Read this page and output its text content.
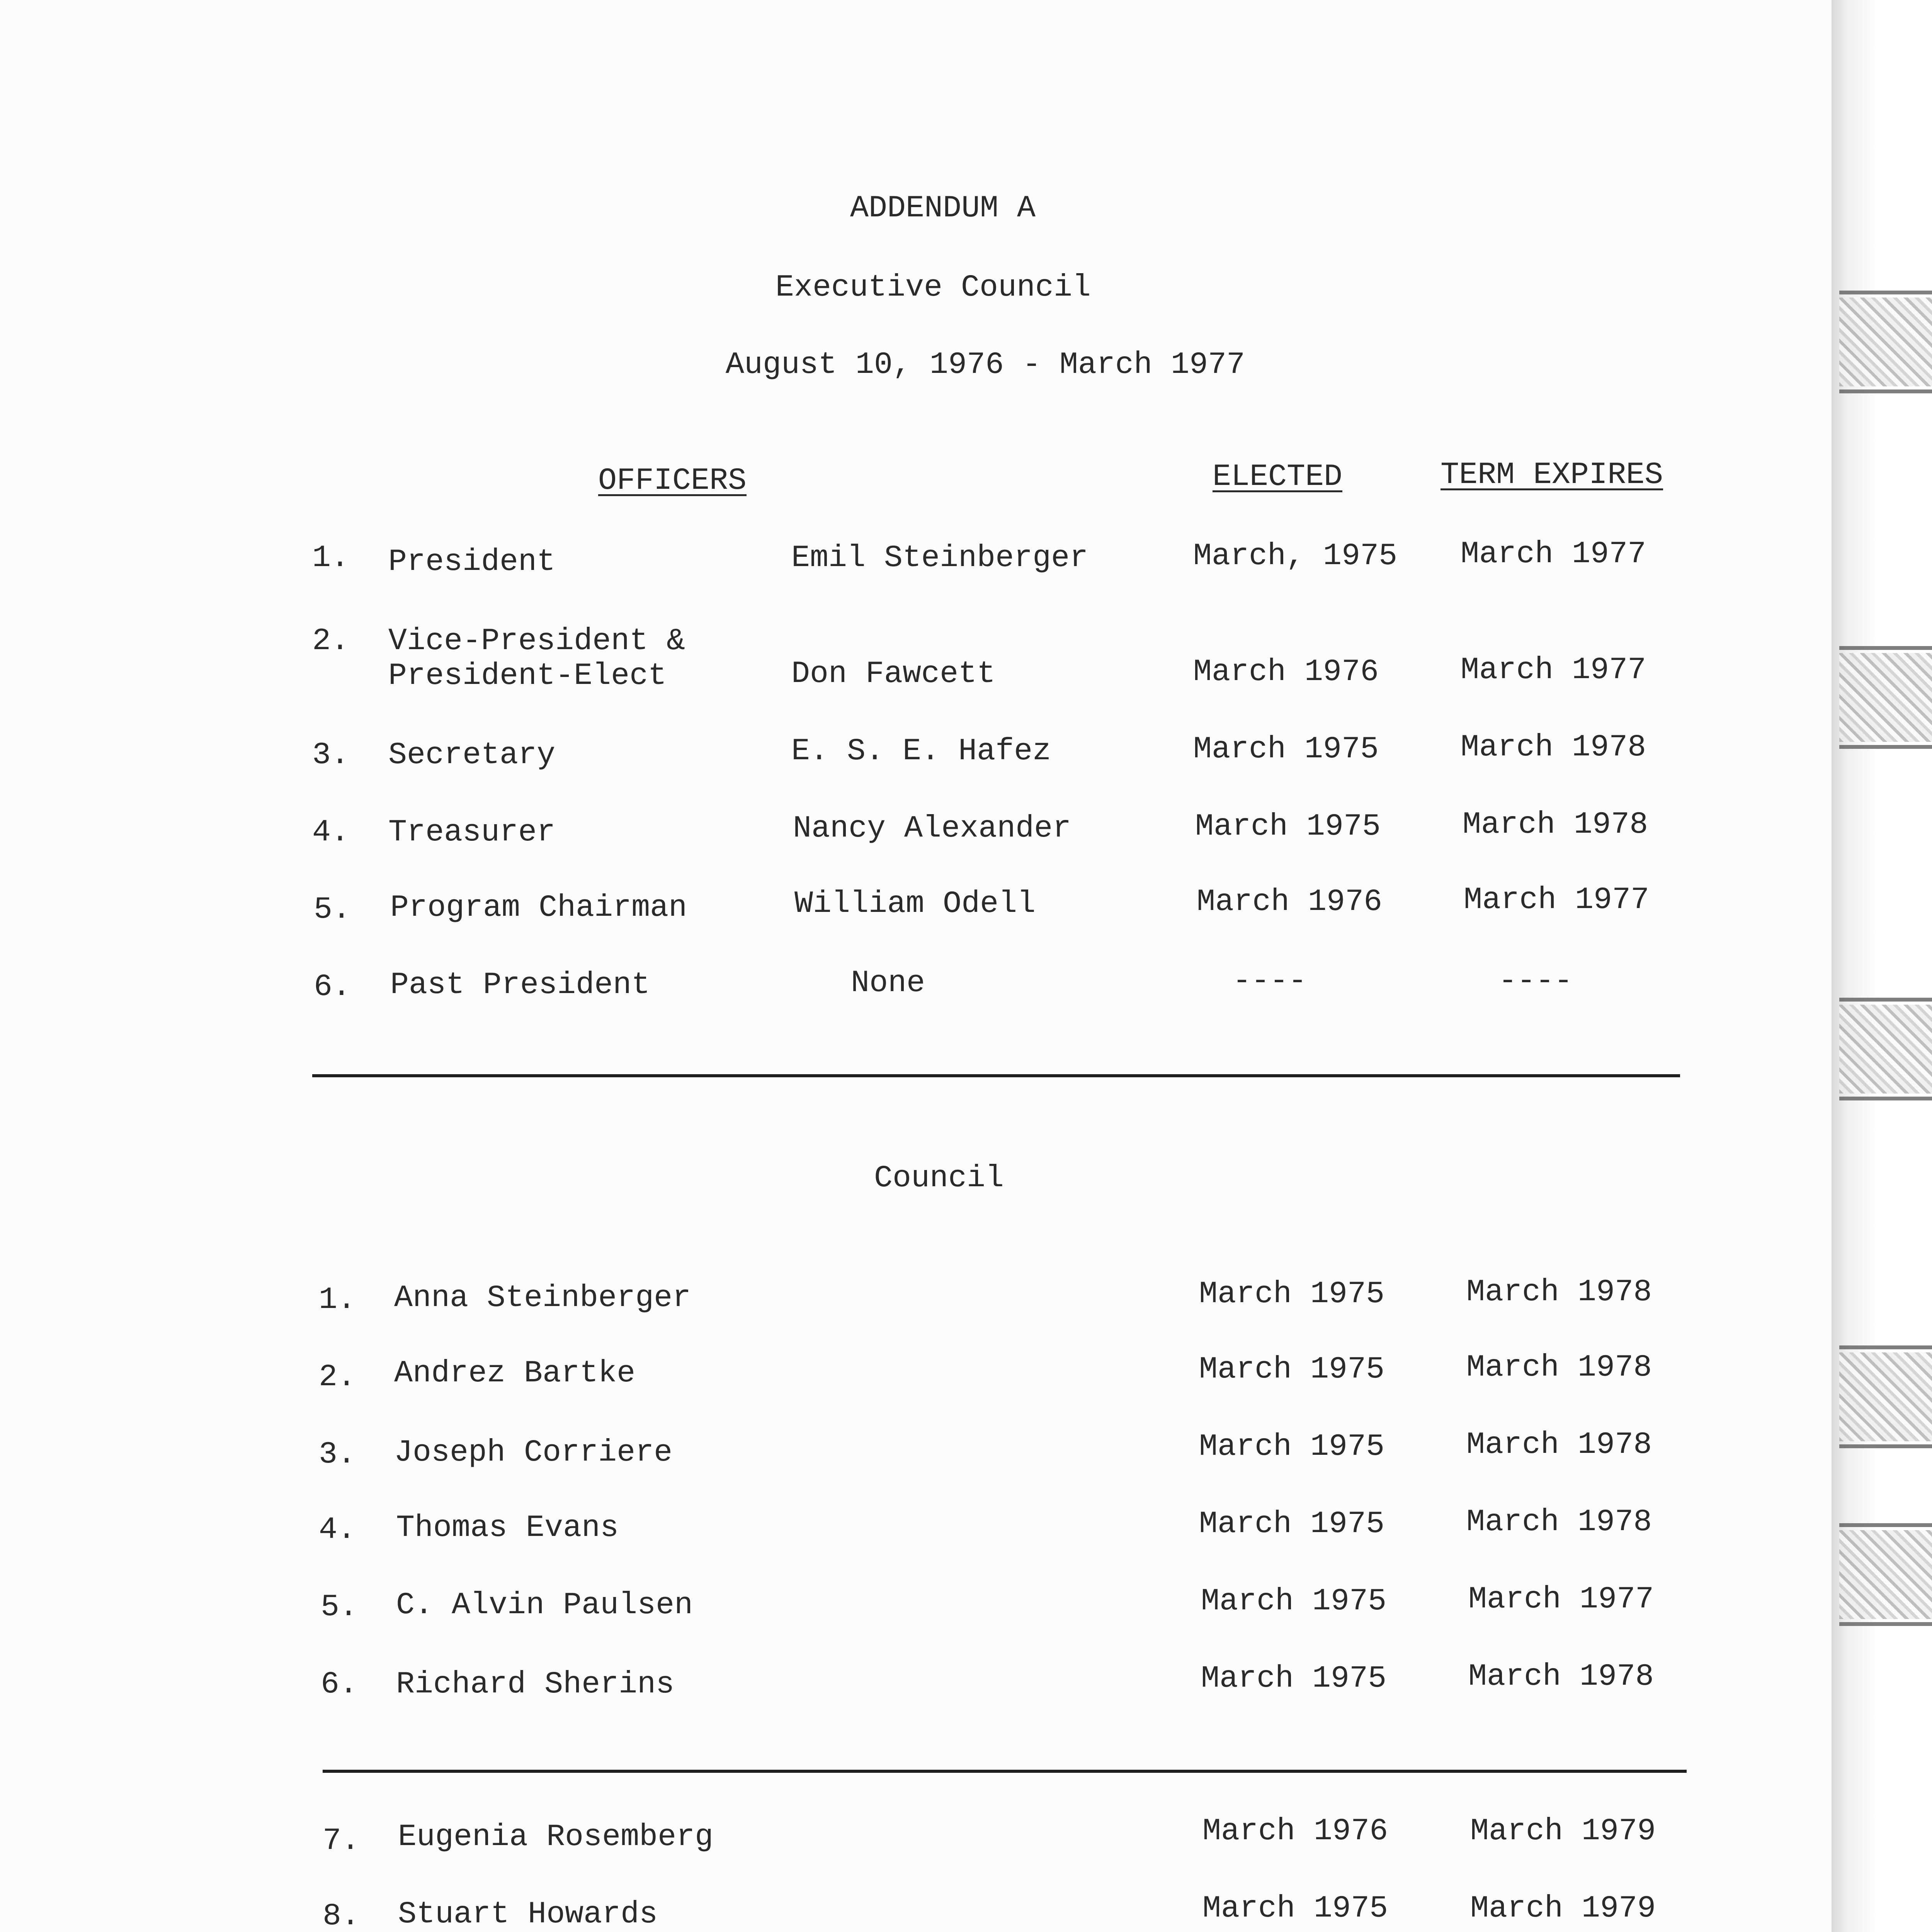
ADDENDUM A
Executive Council
August 10, 1976 - March 1977
OFFICERS	ELECTED	TERM EXPIRES
1. President	Emil Steinberger	March, 1975 March 1977
2. Vice-President &
President-Elect	Don Fawcett	March 1976	March 1977
3. Secretary	E. S. E. Hafez	March 1975	March 1978
4. Treasurer	Nancy Alexander	March 1975	March 1978
5. Program Chairman	William Odell	March 1976	March 1977
6. Past President	None	----	----
Council
1. Anna Steinberger	March 1975	March 1978
2. Andrez Bartke	March 1975	March 1978
3. Joseph Corriere	March 1975	March 1978
4. Thomas Evans	March 1975	March 1978
5. C. Alvin Paulsen	March 1975	March 1977
6. Richard Sherins	March 1975	March 1978
7. Eugenia Rosemberg	March 1976	March 1979
8. Stuart Howards	March 1975	March 1979
